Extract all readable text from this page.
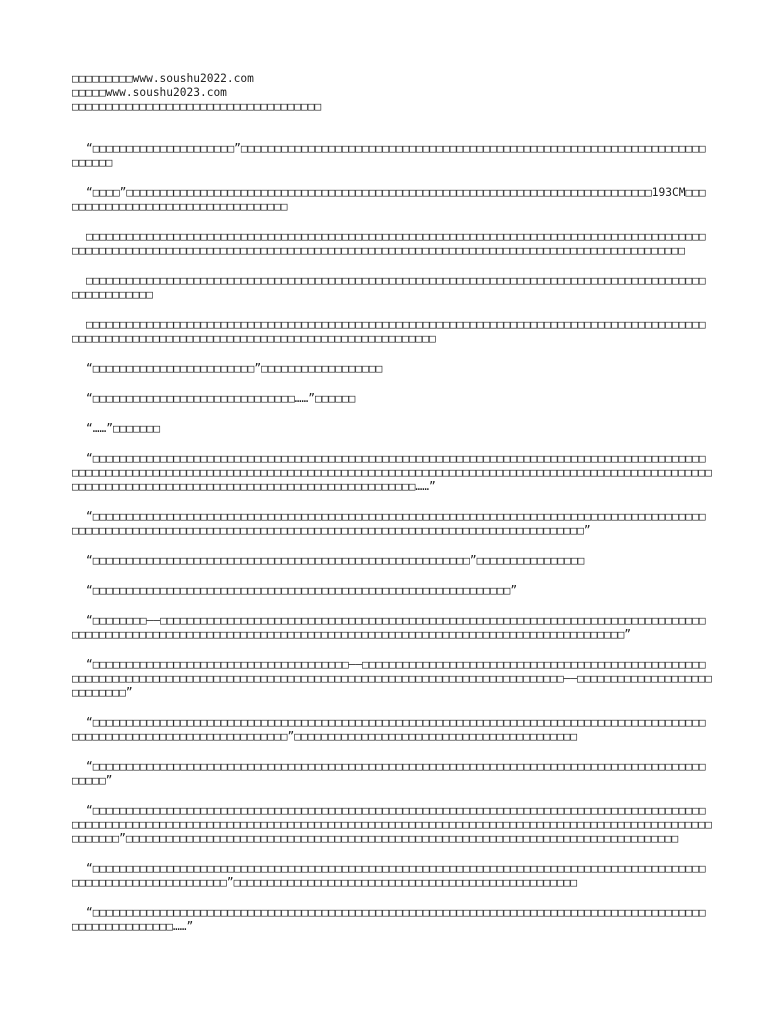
□□□□□□□□□www.soushu2022.com
□□□□□www.soushu2023.com
□□□□□□□□□□□□□□□□□□□□□□□□□□□□□□□□□□□□□

“□□□□□□□□□□□□□□□□□□□□□”□□□□□□□□□□□□□□□□□□□□□□□□□□□□□□□□□□□□□□□□□□□□□□□□□□□□□□□□□□□□□□□□□□□□□□□□□□□

“□□□□”□□□□□□□□□□□□□□□□□□□□□□□□□□□□□□□□□□□□□□□□□□□□□□□□□□□□□□□□□□□□□□□□□□□□□□□□□□□□□□193CM□□□□□□□□□□□□□□□□□□□□□□□□□□□□□□□□□□□

□□□□□□□□□□□□□□□□□□□□□□□□□□□□□□□□□□□□□□□□□□□□□□□□□□□□□□□□□□□□□□□□□□□□□□□□□□□□□□□□□□□□□□□□□□□□□□□□□□□□□□□□□□□□□□□□□□□□□□□□□□□□□□□□□□□□□□□□□□□□□□□□□□□□□□□□□□□□□□□□□□□□□□□□□□□□□□□□□□□□□□□

□□□□□□□□□□□□□□□□□□□□□□□□□□□□□□□□□□□□□□□□□□□□□□□□□□□□□□□□□□□□□□□□□□□□□□□□□□□□□□□□□□□□□□□□□□□□□□□□□□□□□□□□

□□□□□□□□□□□□□□□□□□□□□□□□□□□□□□□□□□□□□□□□□□□□□□□□□□□□□□□□□□□□□□□□□□□□□□□□□□□□□□□□□□□□□□□□□□□□□□□□□□□□□□□□□□□□□□□□□□□□□□□□□□□□□□□□□□□□□□□□□□□□□□□□□□

“□□□□□□□□□□□□□□□□□□□□□□□□”□□□□□□□□□□□□□□□□□□

“□□□□□□□□□□□□□□□□□□□□□□□□□□□□□□……”□□□□□□

“……”□□□□□□□

“□□□□□□□□□□□□□□□□□□□□□□□□□□□□□□□□□□□□□□□□□□□□□□□□□□□□□□□□□□□□□□□□□□□□□□□□□□□□□□□□□□□□□□□□□□□□□□□□□□□□□□□□□□□□□□□□□□□□□□□□□□□□□□□□□□□□□□□□□□□□□□□□□□□□□□□□□□□□□□□□□□□□□□□□□□□□□□□□□□□□□□□□□□□□□□□□□□□□□□□□□□□□□□□□□□□□□□□□□□□□□□□□□□□□□□□□□□□□□……”

“□□□□□□□□□□□□□□□□□□□□□□□□□□□□□□□□□□□□□□□□□□□□□□□□□□□□□□□□□□□□□□□□□□□□□□□□□□□□□□□□□□□□□□□□□□□□□□□□□□□□□□□□□□□□□□□□□□□□□□□□□□□□□□□□□□□□□□□□□□□□□□□□□□□□□□□□□□□□□□□□□□□□□□□”

“□□□□□□□□□□□□□□□□□□□□□□□□□□□□□□□□□□□□□□□□□□□□□□□□□□□□□□□□”□□□□□□□□□□□□□□□□

“□□□□□□□□□□□□□□□□□□□□□□□□□□□□□□□□□□□□□□□□□□□□□□□□□□□□□□□□□□□□□□”

“□□□□□□□□——□□□□□□□□□□□□□□□□□□□□□□□□□□□□□□□□□□□□□□□□□□□□□□□□□□□□□□□□□□□□□□□□□□□□□□□□□□□□□□□□□□□□□□□□□□□□□□□□□□□□□□□□□□□□□□□□□□□□□□□□□□□□□□□□□□□□□□□□□□□□□□□□□□□□□□□□□□□□□□□□□□□”

“□□□□□□□□□□□□□□□□□□□□□□□□□□□□□□□□□□□□□□——□□□□□□□□□□□□□□□□□□□□□□□□□□□□□□□□□□□□□□□□□□□□□□□□□□□□□□□□□□□□□□□□□□□□□□□□□□□□□□□□□□□□□□□□□□□□□□□□□□□□□□□□□□□□□□□□□□□□□□□□□□□□——□□□□□□□□□□□□□□□□□□□□□□□□□□□□”

“□□□□□□□□□□□□□□□□□□□□□□□□□□□□□□□□□□□□□□□□□□□□□□□□□□□□□□□□□□□□□□□□□□□□□□□□□□□□□□□□□□□□□□□□□□□□□□□□□□□□□□□□□□□□□□□□□□□□□□□□□□□”□□□□□□□□□□□□□□□□□□□□□□□□□□□□□□□□□□□□□□□□□□

“□□□□□□□□□□□□□□□□□□□□□□□□□□□□□□□□□□□□□□□□□□□□□□□□□□□□□□□□□□□□□□□□□□□□□□□□□□□□□□□□□□□□□□□□□□□□□□□□”

“□□□□□□□□□□□□□□□□□□□□□□□□□□□□□□□□□□□□□□□□□□□□□□□□□□□□□□□□□□□□□□□□□□□□□□□□□□□□□□□□□□□□□□□□□□□□□□□□□□□□□□□□□□□□□□□□□□□□□□□□□□□□□□□□□□□□□□□□□□□□□□□□□□□□□□□□□□□□□□□□□□□□□□□□□□□□□□□□□□□□□□□□□□□□□□□□□”□□□□□□□□□□□□□□□□□□□□□□□□□□□□□□□□□□□□□□□□□□□□□□□□□□□□□□□□□□□□□□□□□□□□□□□□□□□□□□□□□□

“□□□□□□□□□□□□□□□□□□□□□□□□□□□□□□□□□□□□□□□□□□□□□□□□□□□□□□□□□□□□□□□□□□□□□□□□□□□□□□□□□□□□□□□□□□□□□□□□□□□□□□□□□□□□□□□□□□”□□□□□□□□□□□□□□□□□□□□□□□□□□□□□□□□□□□□□□□□□□□□□□□□□□□

“□□□□□□□□□□□□□□□□□□□□□□□□□□□□□□□□□□□□□□□□□□□□□□□□□□□□□□□□□□□□□□□□□□□□□□□□□□□□□□□□□□□□□□□□□□□□□□□□□□□□□□□□□□……”
